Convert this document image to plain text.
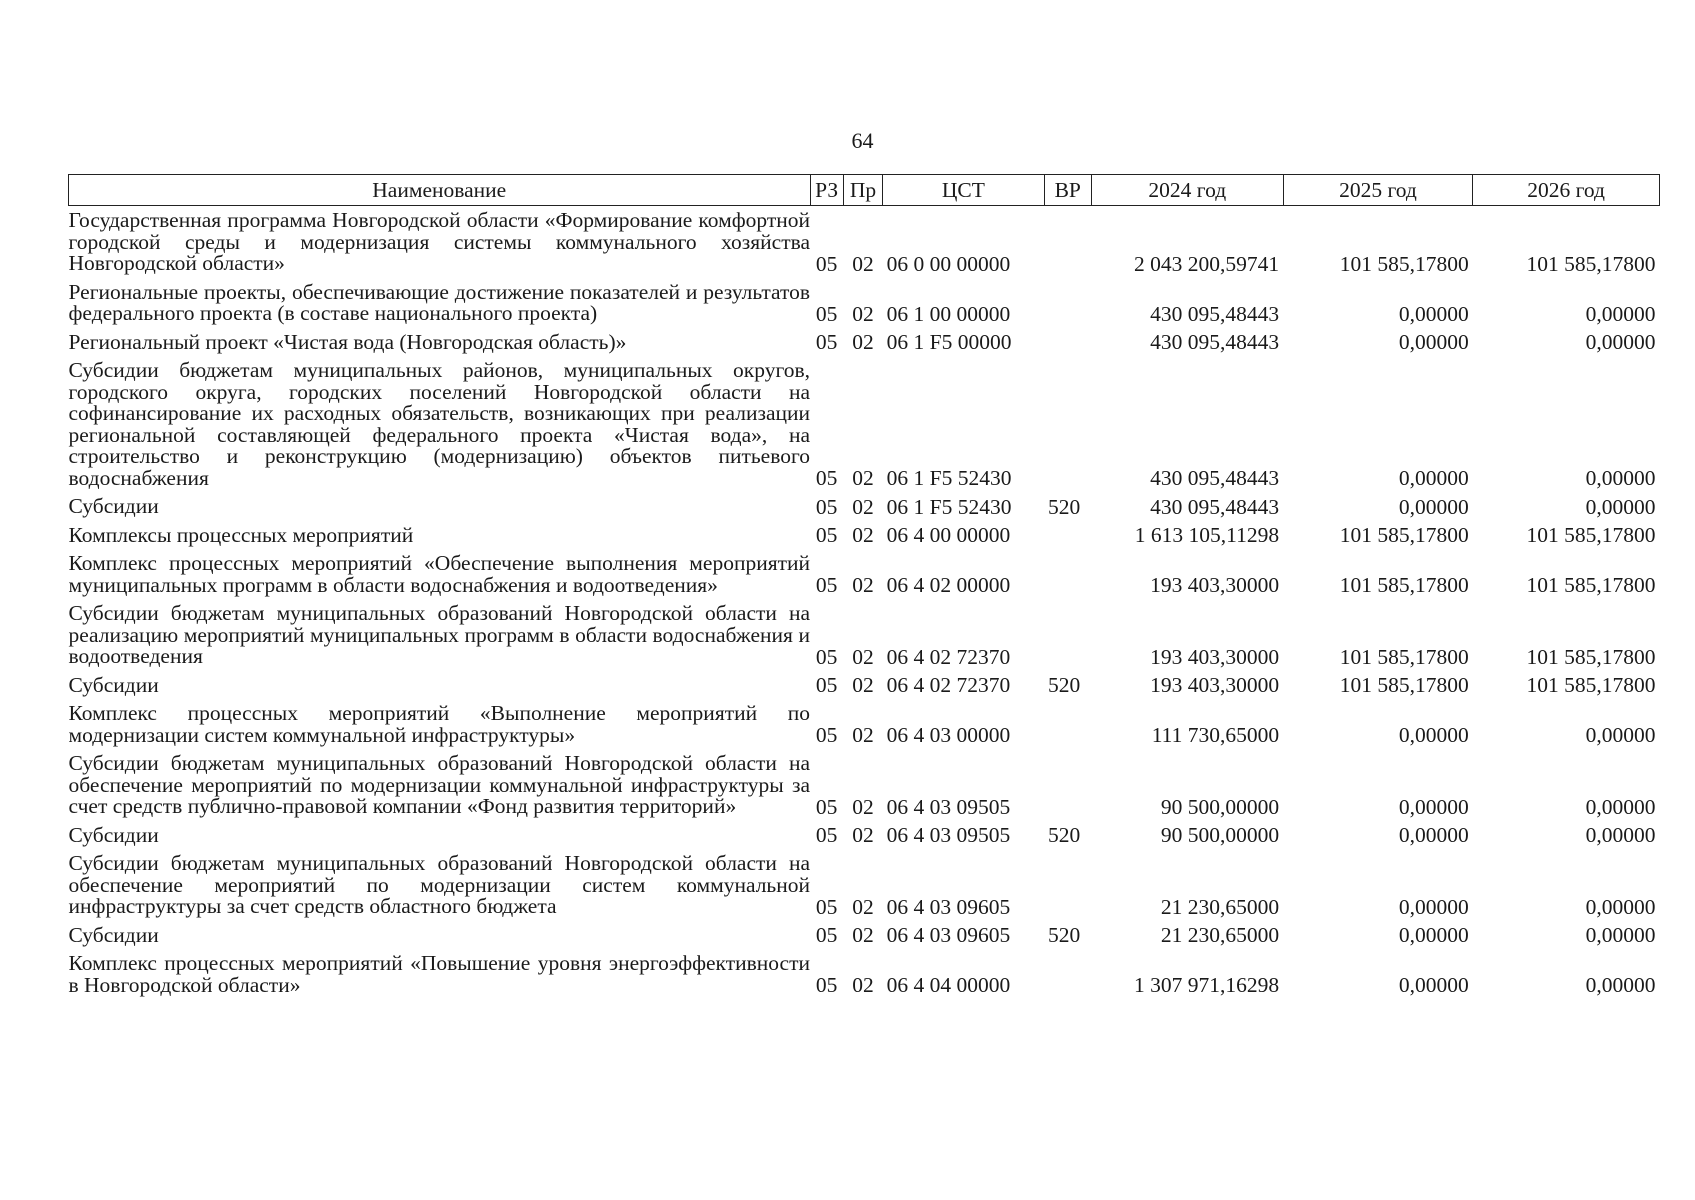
64
Наименование	РЗ	Пр	ЦСТ	ВР	2024 год	2025 год	2026 год
Государственная программа Новгородской области «Формирование комфортной городской среды и модернизация системы коммунального хозяйства Новгородской области»	05	02	06 0 00 00000		2 043 200,59741	101 585,17800	101 585,17800
Региональные проекты, обеспечивающие достижение показателей и результатов федерального проекта (в составе национального проекта)	05	02	06 1 00 00000		430 095,48443	0,00000	0,00000
Региональный проект «Чистая вода (Новгородская область)»	05	02	06 1 F5 00000		430 095,48443	0,00000	0,00000
Субсидии бюджетам муниципальных районов, муниципальных округов, городского округа, городских поселений Новгородской области на софинансирование их расходных обязательств, возникающих при реализации региональной составляющей федерального проекта «Чистая вода», на строительство и реконструкцию (модернизацию) объектов питьевого водоснабжения	05	02	06 1 F5 52430		430 095,48443	0,00000	0,00000
Субсидии	05	02	06 1 F5 52430	520	430 095,48443	0,00000	0,00000
Комплексы процессных мероприятий	05	02	06 4 00 00000		1 613 105,11298	101 585,17800	101 585,17800
Комплекс процессных мероприятий «Обеспечение выполнения мероприятий муниципальных программ в области водоснабжения и водоотведения»	05	02	06 4 02 00000		193 403,30000	101 585,17800	101 585,17800
Субсидии бюджетам муниципальных образований Новгородской области на реализацию мероприятий муниципальных программ в области водоснабжения и водоотведения	05	02	06 4 02 72370		193 403,30000	101 585,17800	101 585,17800
Субсидии	05	02	06 4 02 72370	520	193 403,30000	101 585,17800	101 585,17800
Комплекс процессных мероприятий «Выполнение мероприятий по модернизации систем коммунальной инфраструктуры»	05	02	06 4 03 00000		111 730,65000	0,00000	0,00000
Субсидии бюджетам муниципальных образований Новгородской области на обеспечение мероприятий по модернизации коммунальной инфраструктуры за счет средств публично-правовой компании «Фонд развития территорий»	05	02	06 4 03 09505		90 500,00000	0,00000	0,00000
Субсидии	05	02	06 4 03 09505	520	90 500,00000	0,00000	0,00000
Субсидии бюджетам муниципальных образований Новгородской области на обеспечение мероприятий по модернизации систем коммунальной инфраструктуры за счет средств областного бюджета	05	02	06 4 03 09605		21 230,65000	0,00000	0,00000
Субсидии	05	02	06 4 03 09605	520	21 230,65000	0,00000	0,00000
Комплекс процессных мероприятий «Повышение уровня энергоэффективности в Новгородской области»	05	02	06 4 04 00000		1 307 971,16298	0,00000	0,00000
